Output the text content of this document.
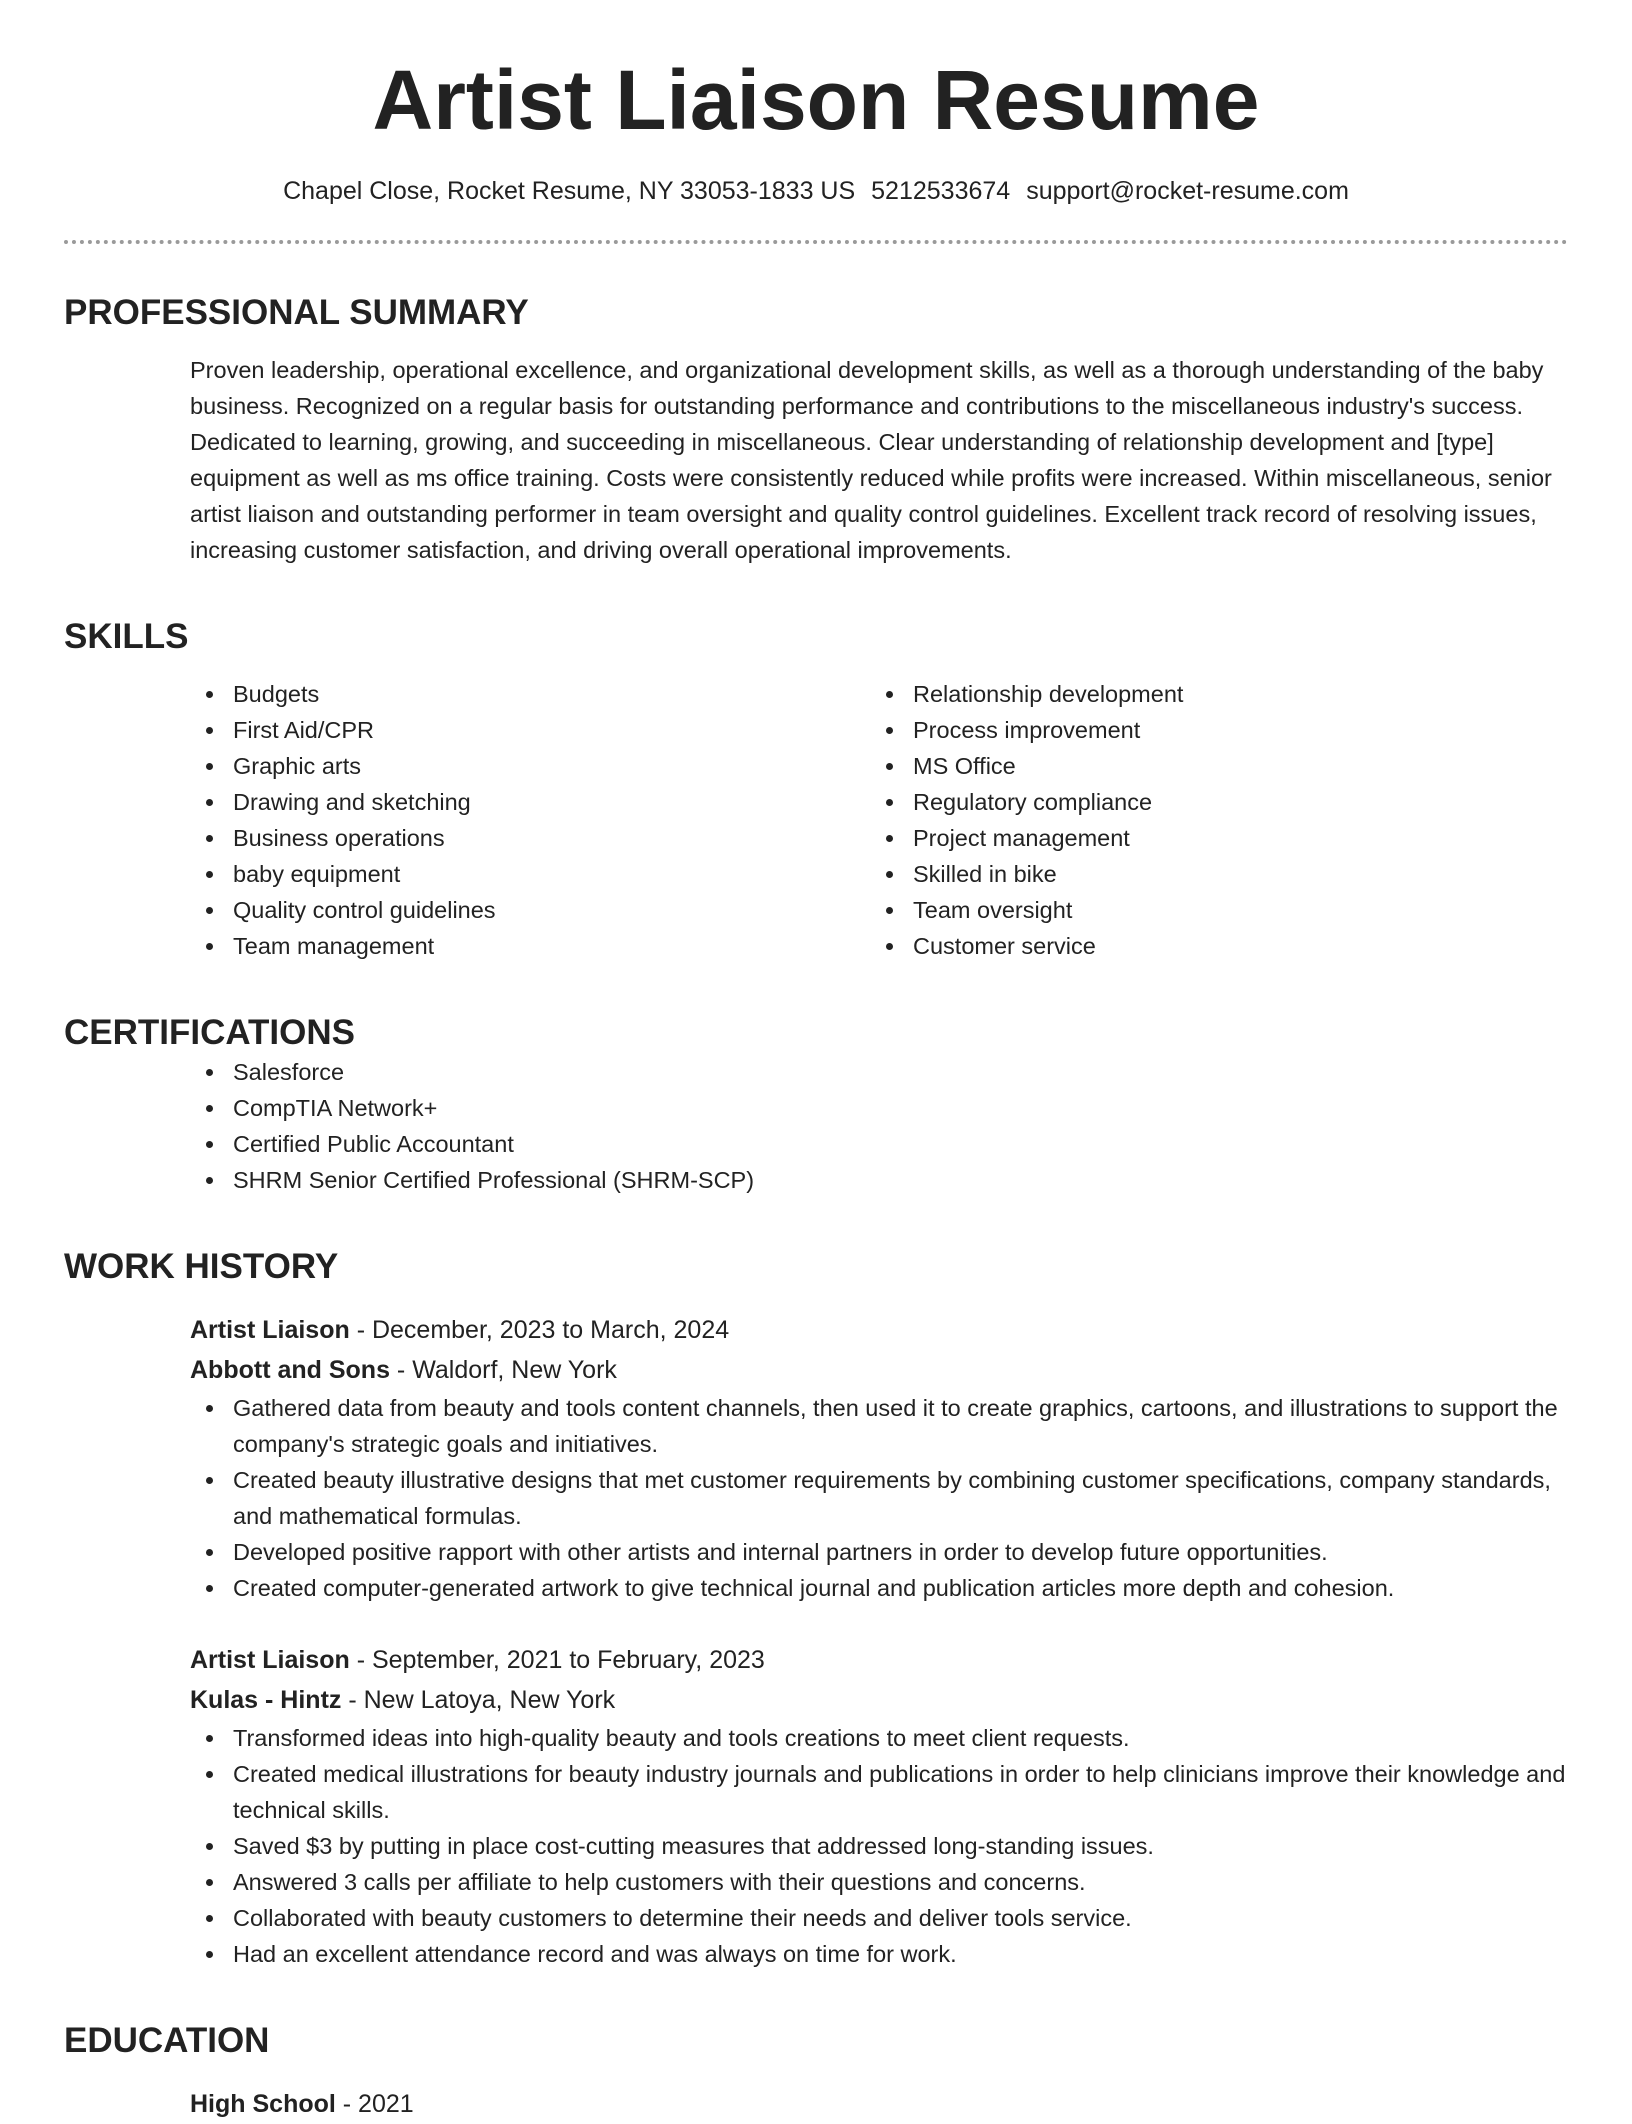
Artist Liaison Resume
Chapel Close, Rocket Resume, NY 33053-1833 US 5212533674 support@rocket-resume.com
PROFESSIONAL SUMMARY
Proven leadership, operational excellence, and organizational development skills, as well as a thorough understanding of the baby business. Recognized on a regular basis for outstanding performance and contributions to the miscellaneous industry's success. Dedicated to learning, growing, and succeeding in miscellaneous. Clear understanding of relationship development and [type] equipment as well as ms office training. Costs were consistently reduced while profits were increased. Within miscellaneous, senior artist liaison and outstanding performer in team oversight and quality control guidelines. Excellent track record of resolving issues, increasing customer satisfaction, and driving overall operational improvements.
SKILLS
Budgets
First Aid/CPR
Graphic arts
Drawing and sketching
Business operations
baby equipment
Quality control guidelines
Team management
Relationship development
Process improvement
MS Office
Regulatory compliance
Project management
Skilled in bike
Team oversight
Customer service
CERTIFICATIONS
Salesforce
CompTIA Network+
Certified Public Accountant
SHRM Senior Certified Professional (SHRM-SCP)
WORK HISTORY
Artist Liaison - December, 2023 to March, 2024
Abbott and Sons - Waldorf, New York
Gathered data from beauty and tools content channels, then used it to create graphics, cartoons, and illustrations to support the company's strategic goals and initiatives.
Created beauty illustrative designs that met customer requirements by combining customer specifications, company standards, and mathematical formulas.
Developed positive rapport with other artists and internal partners in order to develop future opportunities.
Created computer-generated artwork to give technical journal and publication articles more depth and cohesion.
Artist Liaison - September, 2021 to February, 2023
Kulas - Hintz - New Latoya, New York
Transformed ideas into high-quality beauty and tools creations to meet client requests.
Created medical illustrations for beauty industry journals and publications in order to help clinicians improve their knowledge and technical skills.
Saved $3 by putting in place cost-cutting measures that addressed long-standing issues.
Answered 3 calls per affiliate to help customers with their questions and concerns.
Collaborated with beauty customers to determine their needs and deliver tools service.
Had an excellent attendance record and was always on time for work.
EDUCATION
High School - 2021
